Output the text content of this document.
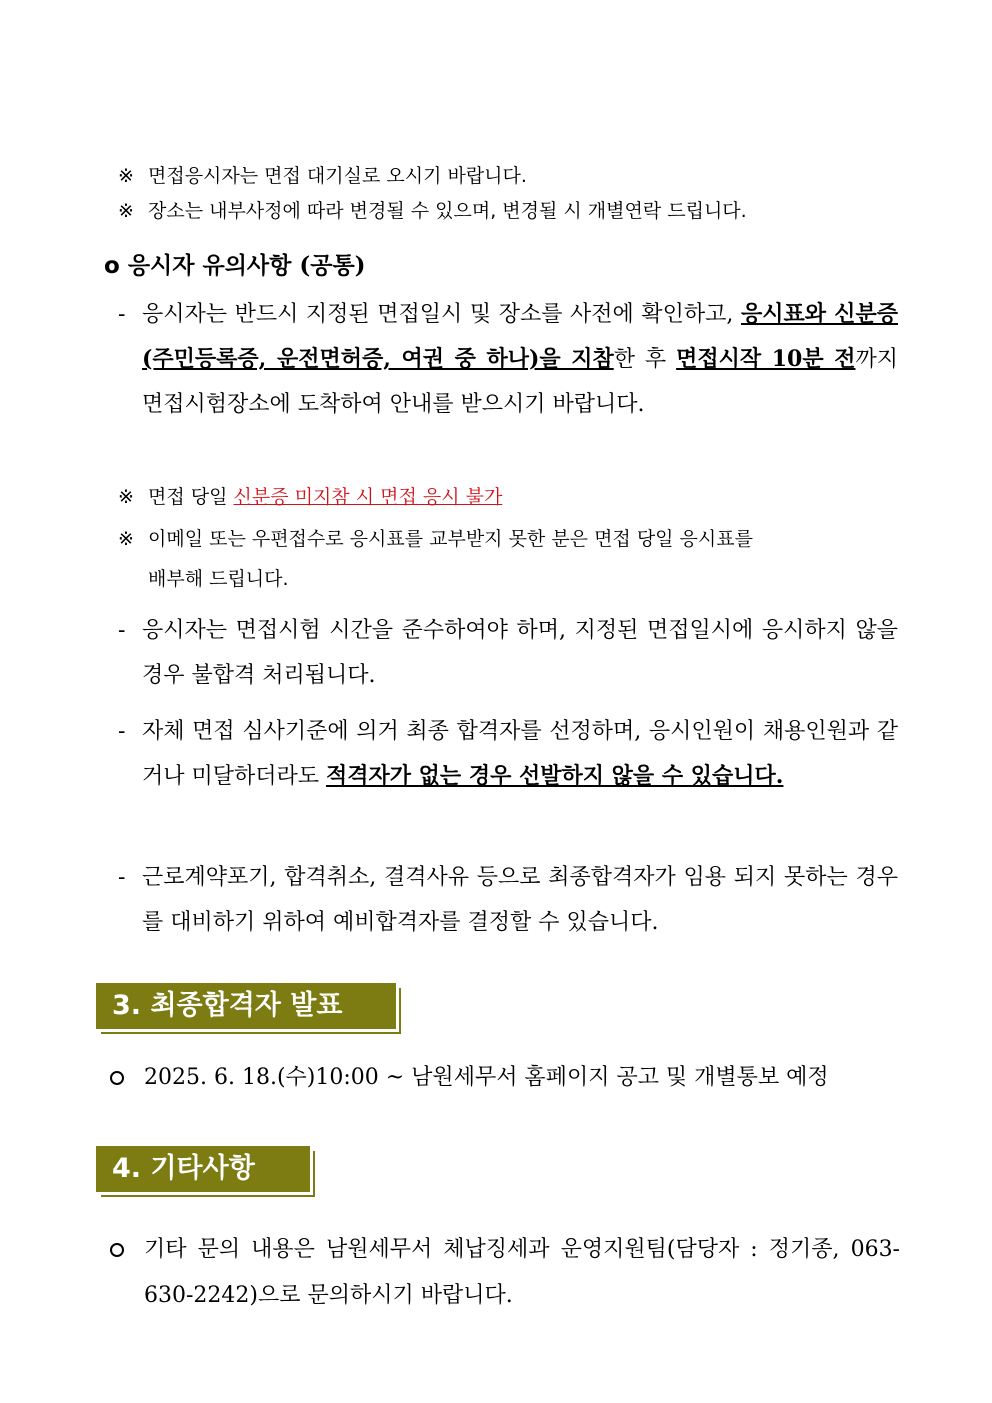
※ 면접응시자는 면접 대기실로 오시기 바랍니다.
※ 장소는 내부사정에 따라 변경될 수 있으며, 변경될 시 개별연락 드립니다.
o 응시자 유의사항 (공통)
- 응시자는 반드시 지정된 면접일시 및 장소를 사전에 확인하고, 응시표와 신분증(주민등록증, 운전면허증, 여권 중 하나)을 지참한 후 면접시작 10분 전까지 면접시험장소에 도착하여 안내를 받으시기 바랍니다.
※ 면접 당일 신분증 미지참 시 면접 응시 불가
※ 이메일 또는 우편접수로 응시표를 교부받지 못한 분은 면접 당일 응시표를
배부해 드립니다.
- 응시자는 면접시험 시간을 준수하여야 하며, 지정된 면접일시에 응시하지 않을 경우 불합격 처리됩니다.
- 자체 면접 심사기준에 의거 최종 합격자를 선정하며, 응시인원이 채용인원과 같거나 미달하더라도 적격자가 없는 경우 선발하지 않을 수 있습니다.
- 근로계약포기, 합격취소, 결격사유 등으로 최종합격자가 임용 되지 못하는 경우를 대비하기 위하여 예비합격자를 결정할 수 있습니다.
3. 최종합격자 발표
2025. 6. 18.(수)10:00 ~ 남원세무서 홈페이지 공고 및 개별통보 예정
4. 기타사항
기타 문의 내용은 남원세무서 체납징세과 운영지원팀(담당자 : 정기종, 063-630-2242)으로 문의하시기 바랍니다.
